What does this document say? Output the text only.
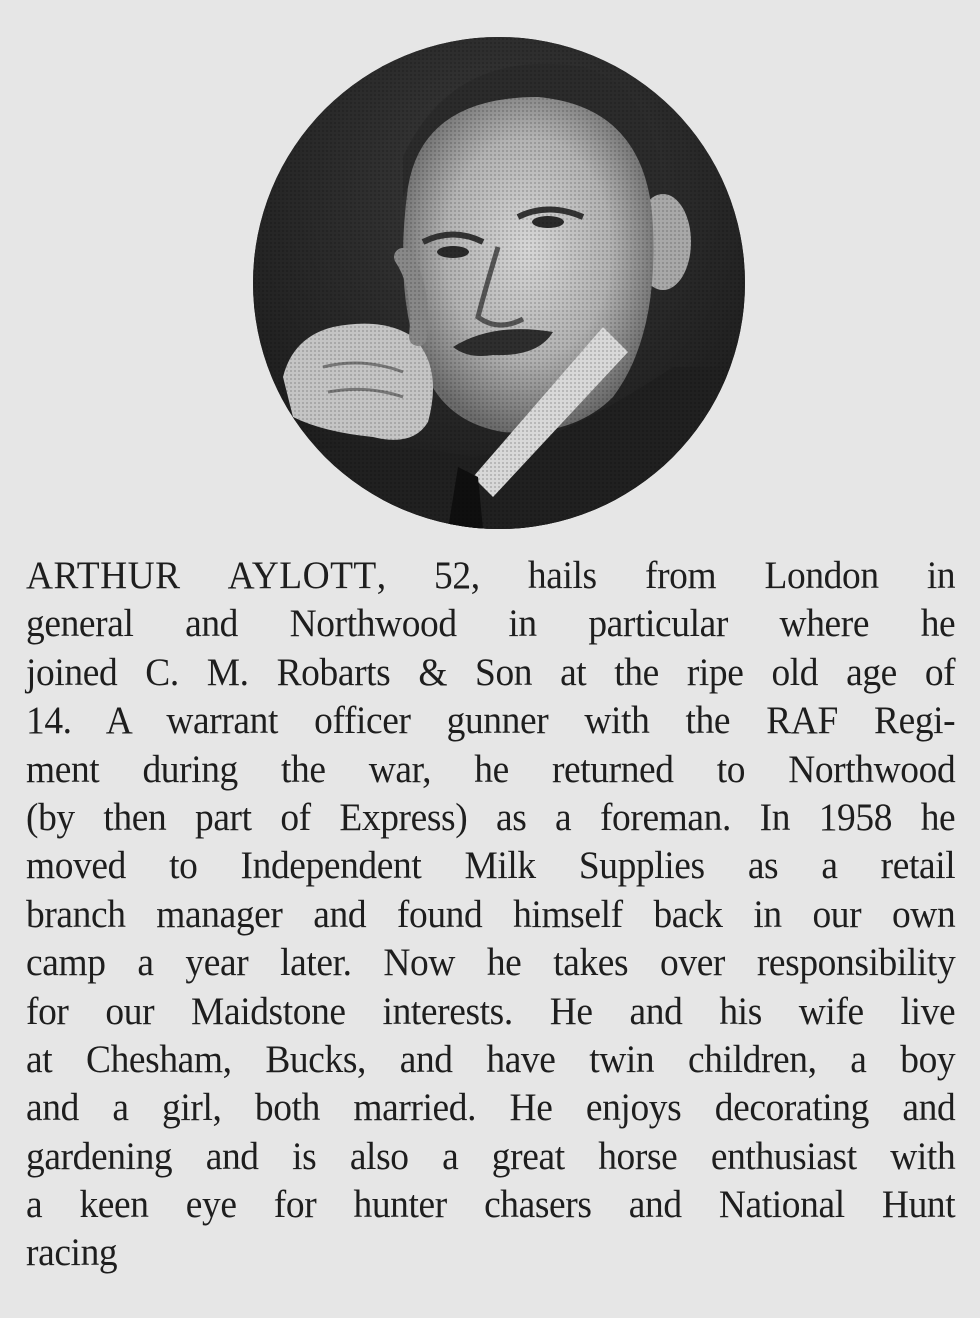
ARTHUR AYLOTT, 52, hails from London in
general and Northwood in particular where he
joined C. M. Robarts & Son at the ripe old age of
14. A warrant officer gunner with the RAF Regi-
ment during the war, he returned to Northwood
(by then part of Express) as a foreman. In 1958 he
moved to Independent Milk Supplies as a retail
branch manager and found himself back in our own
camp a year later. Now he takes over responsibility
for our Maidstone interests. He and his wife live
at Chesham, Bucks, and have twin children, a boy
and a girl, both married. He enjoys decorating and
gardening and is also a great horse enthusiast with
a keen eye for hunter chasers and National Hunt
racing
